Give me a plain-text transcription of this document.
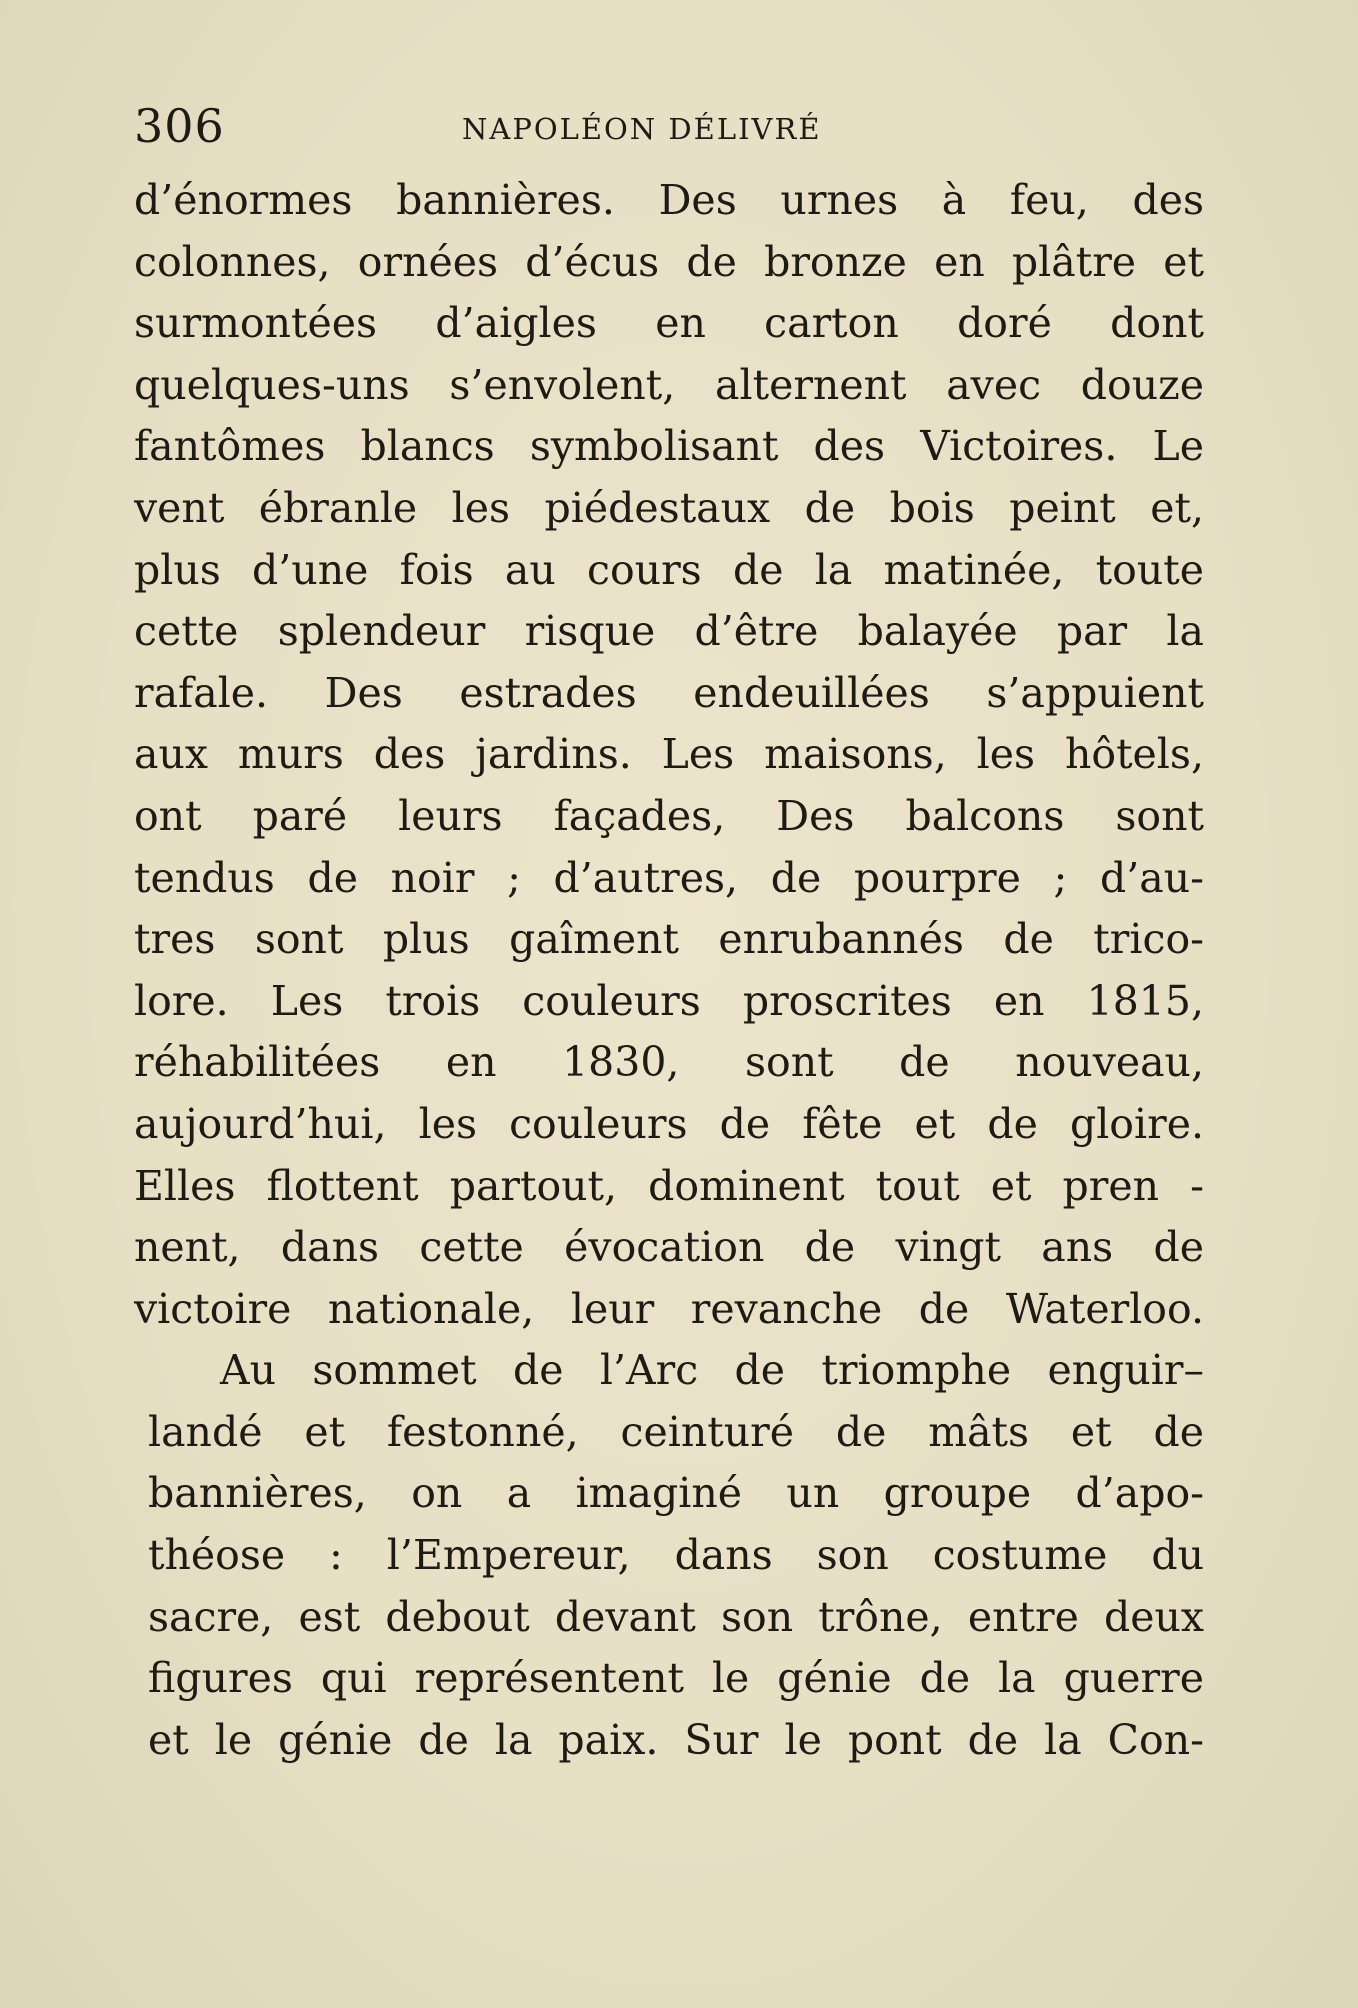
306	NAPOLÉON DÉLIVRÉ

d’énormes bannières. Des urnes à feu, des
colonnes, ornées d’écus de bronze en plâtre et
surmontées d’aigles en carton doré dont
quelques-uns s’envolent, alternent avec douze
fantômes blancs symbolisant des Victoires. Le
vent ébranle les piédestaux de bois peint et,
plus d’une fois au cours de la matinée, toute
cette splendeur risque d’être balayée par la
rafale. Des estrades endeuillées s’appuient
aux murs des jardins. Les maisons, les hôtels,
ont paré leurs façades, Des balcons sont
tendus de noir ; d’autres, de pourpre ; d’au-
tres sont plus gaîment enrubannés de trico-
lore. Les trois couleurs proscrites en 1815,
réhabilitées en 1830, sont de nouveau,
aujourd’hui, les couleurs de fête et de gloire.
Elles flottent partout, dominent tout et pren -
nent, dans cette évocation de vingt ans de
victoire nationale, leur revanche de Waterloo.

Au sommet de l’Arc de triomphe enguir–
landé et festonné, ceinturé de mâts et de
bannières, on a imaginé un groupe d’apo-
théose : l’Empereur, dans son costume du
sacre, est debout devant son trône, entre deux
figures qui représentent le génie de la guerre
et le génie de la paix. Sur le pont de la Con-
